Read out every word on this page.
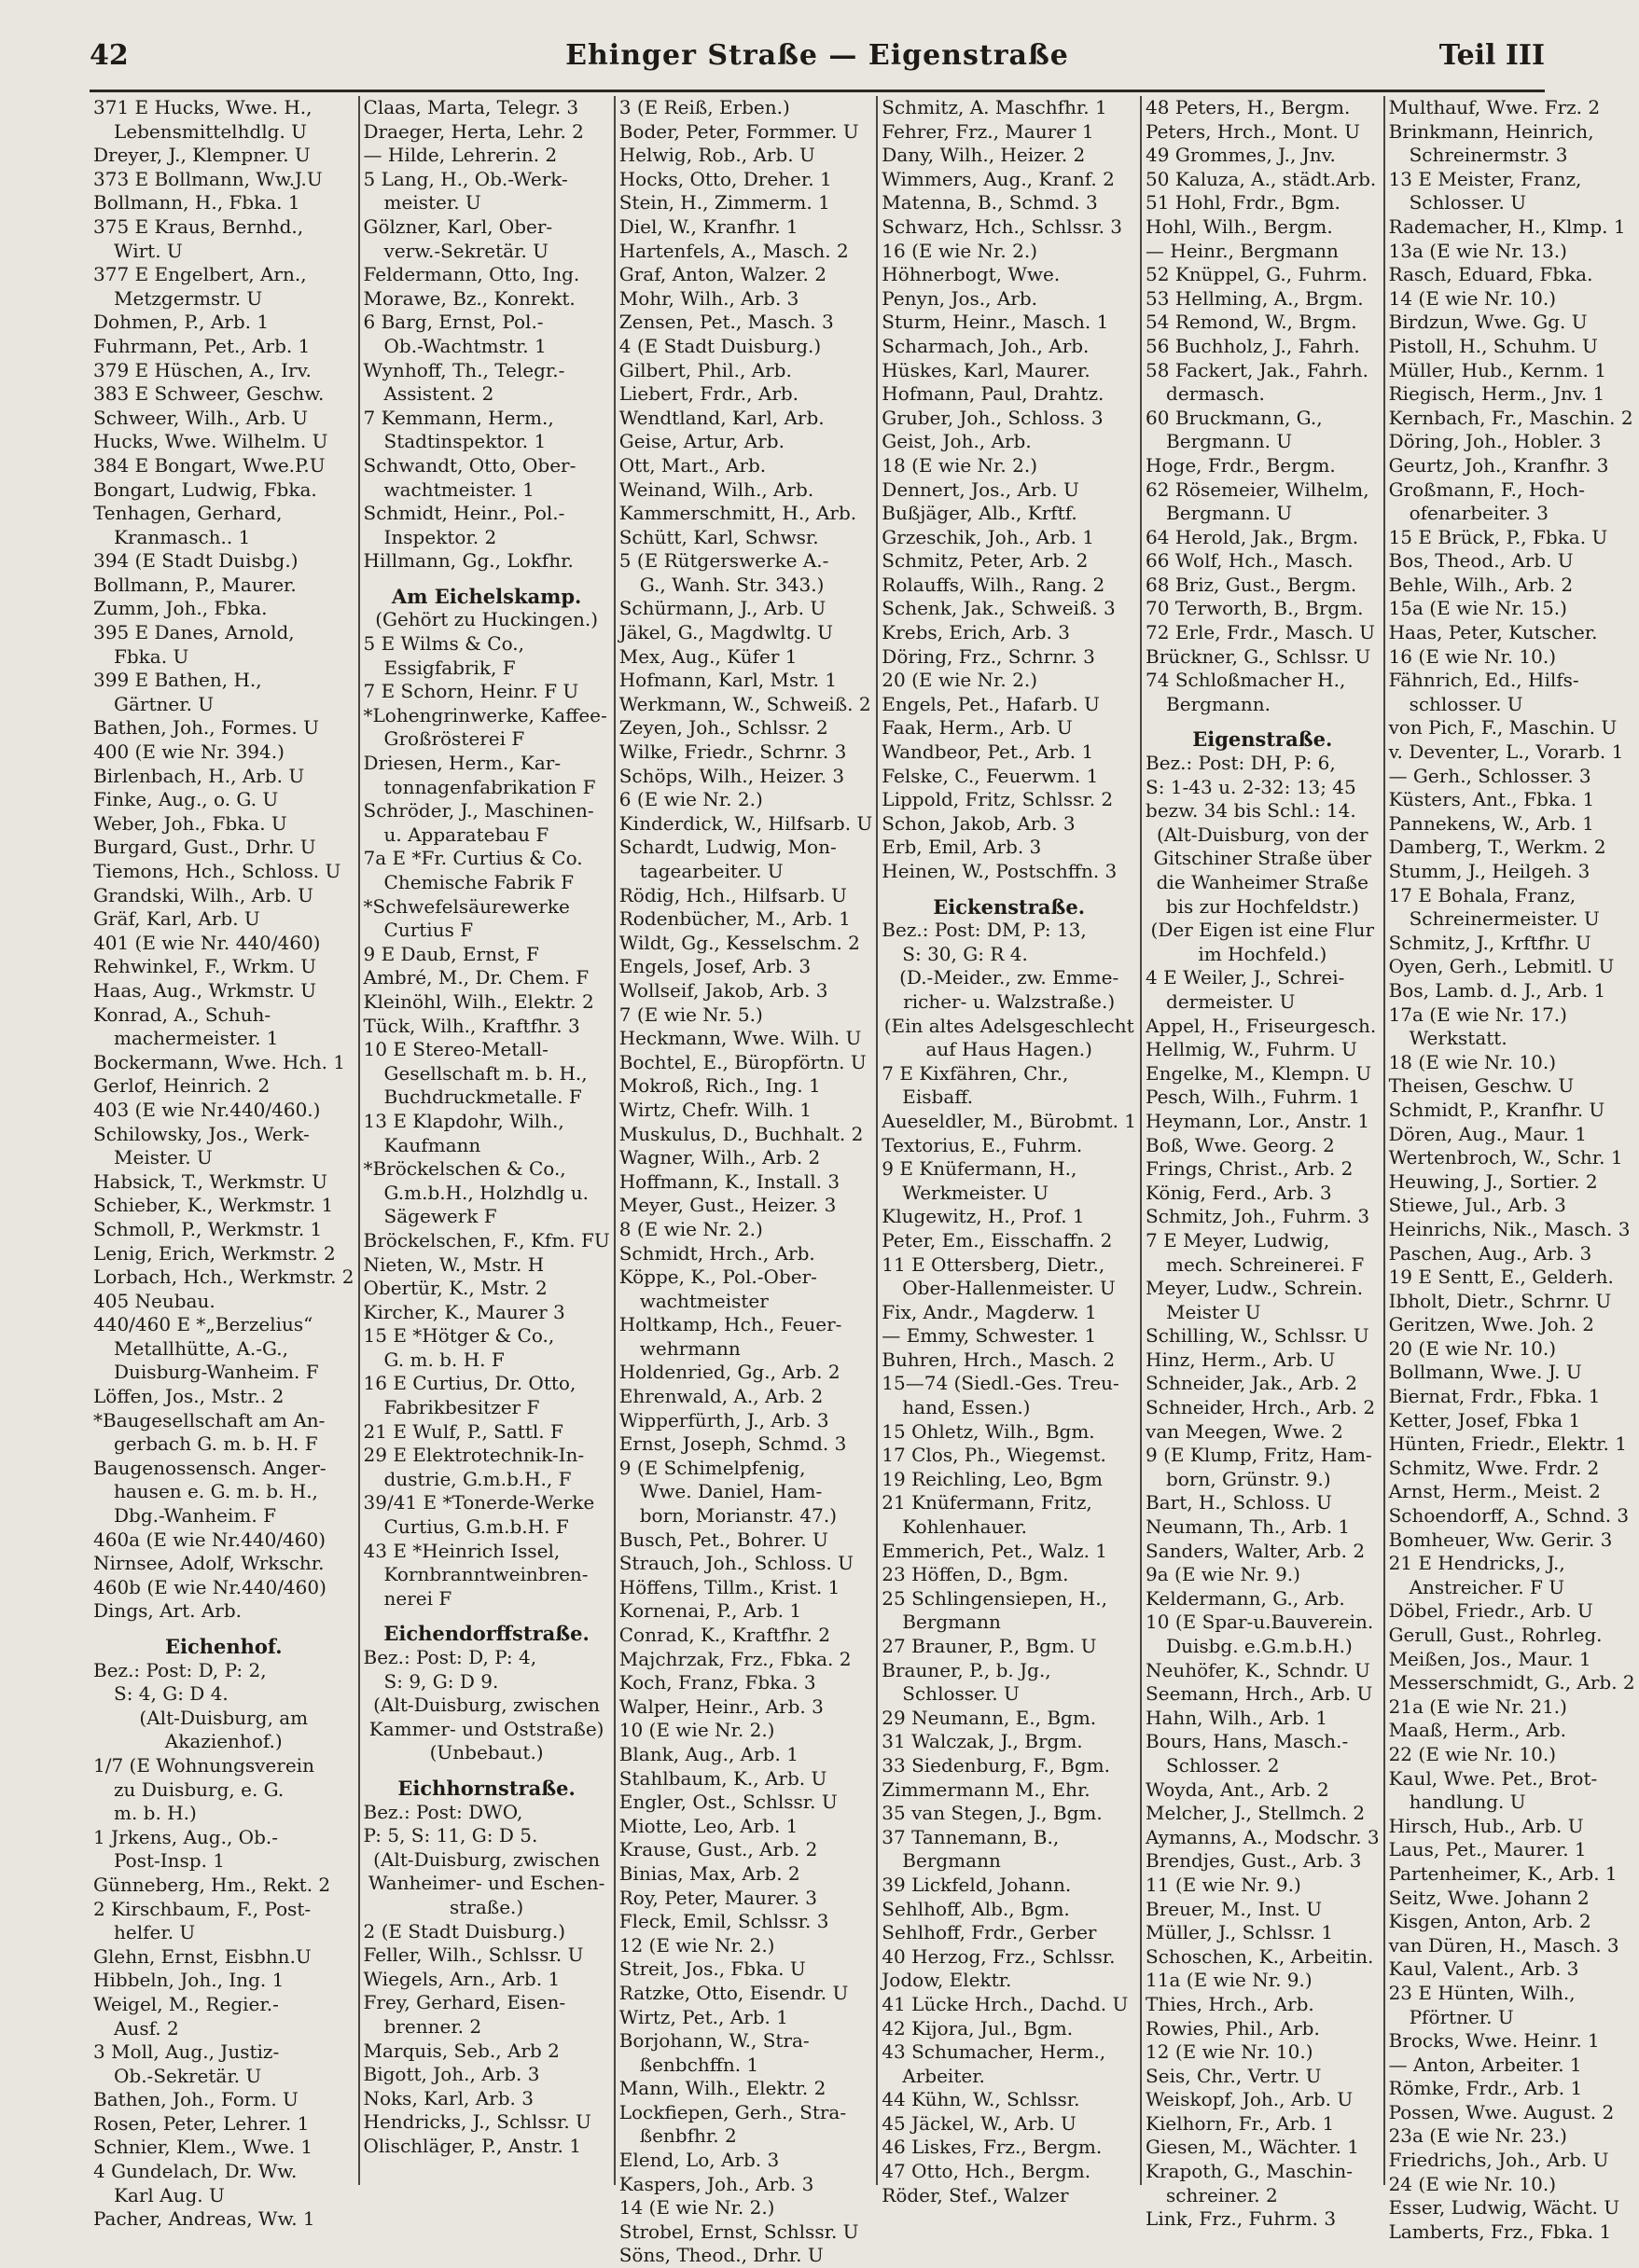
42	Ehinger Straße — Eigenstraße	Teil III
371 E Hucks, Wwe. H.,
Lebensmittelhdlg. U
Dreyer, J., Klempner. U
373 E Bollmann, Ww.J.U
Bollmann, H., Fbka. 1
375 E Kraus, Bernhd.,
Wirt. U
377 E Engelbert, Arn.,
Metzgermstr. U
Dohmen, P., Arb. 1
Fuhrmann, Pet., Arb. 1
379 E Hüschen, A., Irv.
383 E Schweer, Geschw.
Schweer, Wilh., Arb. U
Hucks, Wwe. Wilhelm. U
384 E Bongart, Wwe.P.U
Bongart, Ludwig, Fbka.
Tenhagen, Gerhard,
Kranmasch.. 1
394 (E Stadt Duisbg.)
Bollmann, P., Maurer.
Zumm, Joh., Fbka.
395 E Danes, Arnold,
Fbka. U
399 E Bathen, H.,
Gärtner. U
Bathen, Joh., Formes. U
400 (E wie Nr. 394.)
Birlenbach, H., Arb. U
Finke, Aug., o. G. U
Weber, Joh., Fbka. U
Burgard, Gust., Drhr. U
Tiemons, Hch., Schloss. U
Grandski, Wilh., Arb. U
Gräf, Karl, Arb. U
401 (E wie Nr. 440/460)
Rehwinkel, F., Wrkm. U
Haas, Aug., Wrkmstr. U
Konrad, A., Schuh-
machermeister. 1
Bockermann, Wwe. Hch. 1
Gerlof, Heinrich. 2
403 (E wie Nr.440/460.)
Schilowsky, Jos., Werk-
Meister. U
Habsick, T., Werkmstr. U
Schieber, K., Werkmstr. 1
Schmoll, P., Werkmstr. 1
Lenig, Erich, Werkmstr. 2
Lorbach, Hch., Werkmstr. 2
405 Neubau.
440/460 E *„Berzelius“
Metallhütte, A.-G.,
Duisburg-Wanheim. F
Löffen, Jos., Mstr.. 2
*Baugesellschaft am An-
gerbach G. m. b. H. F
Baugenossensch. Anger-
hausen e. G. m. b. H.,
Dbg.-Wanheim. F
460a (E wie Nr.440/460)
Nirnsee, Adolf, Wrkschr.
460b (E wie Nr.440/460)
Dings, Art. Arb.
Eichenhof.
Bez.: Post: D, P: 2,
S: 4, G: D 4.
(Alt-Duisburg, am
Akazienhof.)
1/7 (E Wohnungsverein
zu Duisburg, e. G.
m. b. H.)
1 Jrkens, Aug., Ob.-
Post-Insp. 1
Günneberg, Hm., Rekt. 2
2 Kirschbaum, F., Post-
helfer. U
Glehn, Ernst, Eisbhn.U
Hibbeln, Joh., Ing. 1
Weigel, M., Regier.-
Ausf. 2
3 Moll, Aug., Justiz-
Ob.-Sekretär. U
Bathen, Joh., Form. U
Rosen, Peter, Lehrer. 1
Schnier, Klem., Wwe. 1
4 Gundelach, Dr. Ww.
Karl Aug. U
Pacher, Andreas, Ww. 1
Claas, Marta, Telegr. 3
Draeger, Herta, Lehr. 2
— Hilde, Lehrerin. 2
5 Lang, H., Ob.-Werk-
meister. U
Gölzner, Karl, Ober-
verw.-Sekretär. U
Feldermann, Otto, Ing.
Morawe, Bz., Konrekt.
6 Barg, Ernst, Pol.-
Ob.-Wachtmstr. 1
Wynhoff, Th., Telegr.-
Assistent. 2
7 Kemmann, Herm.,
Stadtinspektor. 1
Schwandt, Otto, Ober-
wachtmeister. 1
Schmidt, Heinr., Pol.-
Inspektor. 2
Hillmann, Gg., Lokfhr.
Am Eichelskamp.
(Gehört zu Huckingen.)
5 E Wilms & Co.,
Essigfabrik, F
7 E Schorn, Heinr. F U
*Lohengrinwerke, Kaffee-
Großrösterei F
Driesen, Herm., Kar-
tonnagenfabrikation F
Schröder, J., Maschinen-
u. Apparatebau F
7a E *Fr. Curtius & Co.
Chemische Fabrik F
*Schwefelsäurewerke
Curtius F
9 E Daub, Ernst, F
Ambré, M., Dr. Chem. F
Kleinöhl, Wilh., Elektr. 2
Tück, Wilh., Kraftfhr. 3
10 E Stereo-Metall-
Gesellschaft m. b. H.,
Buchdruckmetalle. F
13 E Klapdohr, Wilh.,
Kaufmann
*Bröckelschen & Co.,
G.m.b.H., Holzhdlg u.
Sägewerk F
Bröckelschen, F., Kfm. FU
Nieten, W., Mstr. H
Obertür, K., Mstr. 2
Kircher, K., Maurer 3
15 E *Hötger & Co.,
G. m. b. H. F
16 E Curtius, Dr. Otto,
Fabrikbesitzer F
21 E Wulf, P., Sattl. F
29 E Elektrotechnik-In-
dustrie, G.m.b.H., F
39/41 E *Tonerde-Werke
Curtius, G.m.b.H. F
43 E *Heinrich Issel,
Kornbranntweinbren-
nerei F
Eichendorffstraße.
Bez.: Post: D, P: 4,
S: 9, G: D 9.
(Alt-Duisburg, zwischen
Kammer- und Oststraße)
(Unbebaut.)
Eichhornstraße.
Bez.: Post: DWO,
P: 5, S: 11, G: D 5.
(Alt-Duisburg, zwischen
Wanheimer- und Eschen-
straße.)
2 (E Stadt Duisburg.)
Feller, Wilh., Schlssr. U
Wiegels, Arn., Arb. 1
Frey, Gerhard, Eisen-
brenner. 2
Marquis, Seb., Arb 2
Bigott, Joh., Arb. 3
Noks, Karl, Arb. 3
Hendricks, J., Schlssr. U
Olischläger, P., Anstr. 1
3 (E Reiß, Erben.)
Boder, Peter, Formmer. U
Helwig, Rob., Arb. U
Hocks, Otto, Dreher. 1
Stein, H., Zimmerm. 1
Diel, W., Kranfhr. 1
Hartenfels, A., Masch. 2
Graf, Anton, Walzer. 2
Mohr, Wilh., Arb. 3
Zensen, Pet., Masch. 3
4 (E Stadt Duisburg.)
Gilbert, Phil., Arb.
Liebert, Frdr., Arb.
Wendtland, Karl, Arb.
Geise, Artur, Arb.
Ott, Mart., Arb.
Weinand, Wilh., Arb.
Kammerschmitt, H., Arb.
Schütt, Karl, Schwsr.
5 (E Rütgerswerke A.-
G., Wanh. Str. 343.)
Schürmann, J., Arb. U
Jäkel, G., Magdwltg. U
Mex, Aug., Küfer 1
Hofmann, Karl, Mstr. 1
Werkmann, W., Schweiß. 2
Zeyen, Joh., Schlssr. 2
Wilke, Friedr., Schrnr. 3
Schöps, Wilh., Heizer. 3
6 (E wie Nr. 2.)
Kinderdick, W., Hilfsarb. U
Schardt, Ludwig, Mon-
tagearbeiter. U
Rödig, Hch., Hilfsarb. U
Rodenbücher, M., Arb. 1
Wildt, Gg., Kesselschm. 2
Engels, Josef, Arb. 3
Wollseif, Jakob, Arb. 3
7 (E wie Nr. 5.)
Heckmann, Wwe. Wilh. U
Bochtel, E., Büropförtn. U
Mokroß, Rich., Ing. 1
Wirtz, Chefr. Wilh. 1
Muskulus, D., Buchhalt. 2
Wagner, Wilh., Arb. 2
Hoffmann, K., Install. 3
Meyer, Gust., Heizer. 3
8 (E wie Nr. 2.)
Schmidt, Hrch., Arb.
Köppe, K., Pol.-Ober-
wachtmeister
Holtkamp, Hch., Feuer-
wehrmann
Holdenried, Gg., Arb. 2
Ehrenwald, A., Arb. 2
Wipperfürth, J., Arb. 3
Ernst, Joseph, Schmd. 3
9 (E Schimelpfenig,
Wwe. Daniel, Ham-
born, Morianstr. 47.)
Busch, Pet., Bohrer. U
Strauch, Joh., Schloss. U
Höffens, Tillm., Krist. 1
Kornenai, P., Arb. 1
Conrad, K., Kraftfhr. 2
Majchrzak, Frz., Fbka. 2
Koch, Franz, Fbka. 3
Walper, Heinr., Arb. 3
10 (E wie Nr. 2.)
Blank, Aug., Arb. 1
Stahlbaum, K., Arb. U
Engler, Ost., Schlssr. U
Miotte, Leo, Arb. 1
Krause, Gust., Arb. 2
Binias, Max, Arb. 2
Roy, Peter, Maurer. 3
Fleck, Emil, Schlssr. 3
12 (E wie Nr. 2.)
Streit, Jos., Fbka. U
Ratzke, Otto, Eisendr. U
Wirtz, Pet., Arb. 1
Borjohann, W., Stra-
ßenbchffn. 1
Mann, Wilh., Elektr. 2
Lockfiepen, Gerh., Stra-
ßenbfhr. 2
Elend, Lo, Arb. 3
Kaspers, Joh., Arb. 3
14 (E wie Nr. 2.)
Strobel, Ernst, Schlssr. U
Söns, Theod., Drhr. U
Schmitz, A. Maschfhr. 1
Fehrer, Frz., Maurer 1
Dany, Wilh., Heizer. 2
Wimmers, Aug., Kranf. 2
Matenna, B., Schmd. 3
Schwarz, Hch., Schlssr. 3
16 (E wie Nr. 2.)
Höhnerbogt, Wwe.
Penyn, Jos., Arb.
Sturm, Heinr., Masch. 1
Scharmach, Joh., Arb.
Hüskes, Karl, Maurer.
Hofmann, Paul, Drahtz.
Gruber, Joh., Schloss. 3
Geist, Joh., Arb.
18 (E wie Nr. 2.)
Dennert, Jos., Arb. U
Bußjäger, Alb., Krftf.
Grzeschik, Joh., Arb. 1
Schmitz, Peter, Arb. 2
Rolauffs, Wilh., Rang. 2
Schenk, Jak., Schweiß. 3
Krebs, Erich, Arb. 3
Döring, Frz., Schrnr. 3
20 (E wie Nr. 2.)
Engels, Pet., Hafarb. U
Faak, Herm., Arb. U
Wandbeor, Pet., Arb. 1
Felske, C., Feuerwm. 1
Lippold, Fritz, Schlssr. 2
Schon, Jakob, Arb. 3
Erb, Emil, Arb. 3
Heinen, W., Postschffn. 3
Eickenstraße.
Bez.: Post: DM, P: 13,
S: 30, G: R 4.
(D.-Meider., zw. Emme-
richer- u. Walzstraße.)
(Ein altes Adelsgeschlecht
auf Haus Hagen.)
7 E Kixfähren, Chr.,
Eisbaff.
Aueseldler, M., Bürobmt. 1
Textorius, E., Fuhrm.
9 E Knüfermann, H.,
Werkmeister. U
Klugewitz, H., Prof. 1
Peter, Em., Eisschaffn. 2
11 E Ottersberg, Dietr.,
Ober-Hallenmeister. U
Fix, Andr., Magderw. 1
— Emmy, Schwester. 1
Buhren, Hrch., Masch. 2
15—74 (Siedl.-Ges. Treu-
hand, Essen.)
15 Ohletz, Wilh., Bgm.
17 Clos, Ph., Wiegemst.
19 Reichling, Leo, Bgm
21 Knüfermann, Fritz,
Kohlenhauer.
Emmerich, Pet., Walz. 1
23 Höffen, D., Bgm.
25 Schlingensiepen, H.,
Bergmann
27 Brauner, P., Bgm. U
Brauner, P., b. Jg.,
Schlosser. U
29 Neumann, E., Bgm.
31 Walczak, J., Brgm.
33 Siedenburg, F., Bgm.
Zimmermann M., Ehr.
35 van Stegen, J., Bgm.
37 Tannemann, B.,
Bergmann
39 Lickfeld, Johann.
Sehlhoff, Alb., Bgm.
Sehlhoff, Frdr., Gerber
40 Herzog, Frz., Schlssr.
Jodow, Elektr.
41 Lücke Hrch., Dachd. U
42 Kijora, Jul., Bgm.
43 Schumacher, Herm.,
Arbeiter.
44 Kühn, W., Schlssr.
45 Jäckel, W., Arb. U
46 Liskes, Frz., Bergm.
47 Otto, Hch., Bergm.
Röder, Stef., Walzer
48 Peters, H., Bergm.
Peters, Hrch., Mont. U
49 Grommes, J., Jnv.
50 Kaluza, A., städt.Arb.
51 Hohl, Frdr., Bgm.
Hohl, Wilh., Bergm.
— Heinr., Bergmann
52 Knüppel, G., Fuhrm.
53 Hellming, A., Brgm.
54 Remond, W., Brgm.
56 Buchholz, J., Fahrh.
58 Fackert, Jak., Fahrh.
dermasch.
60 Bruckmann, G.,
Bergmann. U
Hoge, Frdr., Bergm.
62 Rösemeier, Wilhelm,
Bergmann. U
64 Herold, Jak., Brgm.
66 Wolf, Hch., Masch.
68 Briz, Gust., Bergm.
70 Terworth, B., Brgm.
72 Erle, Frdr., Masch. U
Brückner, G., Schlssr. U
74 Schloßmacher H.,
Bergmann.
Eigenstraße.
Bez.: Post: DH, P: 6,
S: 1-43 u. 2-32: 13; 45
bezw. 34 bis Schl.: 14.
(Alt-Duisburg, von der
Gitschiner Straße über
die Wanheimer Straße
bis zur Hochfeldstr.)
(Der Eigen ist eine Flur
im Hochfeld.)
4 E Weiler, J., Schrei-
dermeister. U
Appel, H., Friseurgesch.
Hellmig, W., Fuhrm. U
Engelke, M., Klempn. U
Pesch, Wilh., Fuhrm. 1
Heymann, Lor., Anstr. 1
Boß, Wwe. Georg. 2
Frings, Christ., Arb. 2
König, Ferd., Arb. 3
Schmitz, Joh., Fuhrm. 3
7 E Meyer, Ludwig,
mech. Schreinerei. F
Meyer, Ludw., Schrein.
Meister U
Schilling, W., Schlssr. U
Hinz, Herm., Arb. U
Schneider, Jak., Arb. 2
Schneider, Hrch., Arb. 2
van Meegen, Wwe. 2
9 (E Klump, Fritz, Ham-
born, Grünstr. 9.)
Bart, H., Schloss. U
Neumann, Th., Arb. 1
Sanders, Walter, Arb. 2
9a (E wie Nr. 9.)
Keldermann, G., Arb.
10 (E Spar-u.Bauverein.
Duisbg. e.G.m.b.H.)
Neuhöfer, K., Schndr. U
Seemann, Hrch., Arb. U
Hahn, Wilh., Arb. 1
Bours, Hans, Masch.-
Schlosser. 2
Woyda, Ant., Arb. 2
Melcher, J., Stellmch. 2
Aymanns, A., Modschr. 3
Brendjes, Gust., Arb. 3
11 (E wie Nr. 9.)
Breuer, M., Inst. U
Müller, J., Schlssr. 1
Schoschen, K., Arbeitin.
11a (E wie Nr. 9.)
Thies, Hrch., Arb.
Rowies, Phil., Arb.
12 (E wie Nr. 10.)
Seis, Chr., Vertr. U
Weiskopf, Joh., Arb. U
Kielhorn, Fr., Arb. 1
Giesen, M., Wächter. 1
Krapoth, G., Maschin-
schreiner. 2
Link, Frz., Fuhrm. 3
Multhauf, Wwe. Frz. 2
Brinkmann, Heinrich,
Schreinermstr. 3
13 E Meister, Franz,
Schlosser. U
Rademacher, H., Klmp. 1
13a (E wie Nr. 13.)
Rasch, Eduard, Fbka.
14 (E wie Nr. 10.)
Birdzun, Wwe. Gg. U
Pistoll, H., Schuhm. U
Müller, Hub., Kernm. 1
Riegisch, Herm., Jnv. 1
Kernbach, Fr., Maschin. 2
Döring, Joh., Hobler. 3
Geurtz, Joh., Kranfhr. 3
Großmann, F., Hoch-
ofenarbeiter. 3
15 E Brück, P., Fbka. U
Bos, Theod., Arb. U
Behle, Wilh., Arb. 2
15a (E wie Nr. 15.)
Haas, Peter, Kutscher.
16 (E wie Nr. 10.)
Fähnrich, Ed., Hilfs-
schlosser. U
von Pich, F., Maschin. U
v. Deventer, L., Vorarb. 1
— Gerh., Schlosser. 3
Küsters, Ant., Fbka. 1
Pannekens, W., Arb. 1
Damberg, T., Werkm. 2
Stumm, J., Heilgeh. 3
17 E Bohala, Franz,
Schreinermeister. U
Schmitz, J., Krftfhr. U
Oyen, Gerh., Lebmitl. U
Bos, Lamb. d. J., Arb. 1
17a (E wie Nr. 17.)
Werkstatt.
18 (E wie Nr. 10.)
Theisen, Geschw. U
Schmidt, P., Kranfhr. U
Dören, Aug., Maur. 1
Wertenbroch, W., Schr. 1
Heuwing, J., Sortier. 2
Stiewe, Jul., Arb. 3
Heinrichs, Nik., Masch. 3
Paschen, Aug., Arb. 3
19 E Sentt, E., Gelderh.
Ibholt, Dietr., Schrnr. U
Geritzen, Wwe. Joh. 2
20 (E wie Nr. 10.)
Bollmann, Wwe. J. U
Biernat, Frdr., Fbka. 1
Ketter, Josef, Fbka 1
Hünten, Friedr., Elektr. 1
Schmitz, Wwe. Frdr. 2
Arnst, Herm., Meist. 2
Schoendorff, A., Schnd. 3
Bomheuer, Ww. Gerir. 3
21 E Hendricks, J.,
Anstreicher. F U
Döbel, Friedr., Arb. U
Gerull, Gust., Rohrleg.
Meißen, Jos., Maur. 1
Messerschmidt, G., Arb. 2
21a (E wie Nr. 21.)
Maaß, Herm., Arb.
22 (E wie Nr. 10.)
Kaul, Wwe. Pet., Brot-
handlung. U
Hirsch, Hub., Arb. U
Laus, Pet., Maurer. 1
Partenheimer, K., Arb. 1
Seitz, Wwe. Johann 2
Kisgen, Anton, Arb. 2
van Düren, H., Masch. 3
Kaul, Valent., Arb. 3
23 E Hünten, Wilh.,
Pförtner. U
Brocks, Wwe. Heinr. 1
— Anton, Arbeiter. 1
Römke, Frdr., Arb. 1
Possen, Wwe. August. 2
23a (E wie Nr. 23.)
Friedrichs, Joh., Arb. U
24 (E wie Nr. 10.)
Esser, Ludwig, Wächt. U
Lamberts, Frz., Fbka. 1
